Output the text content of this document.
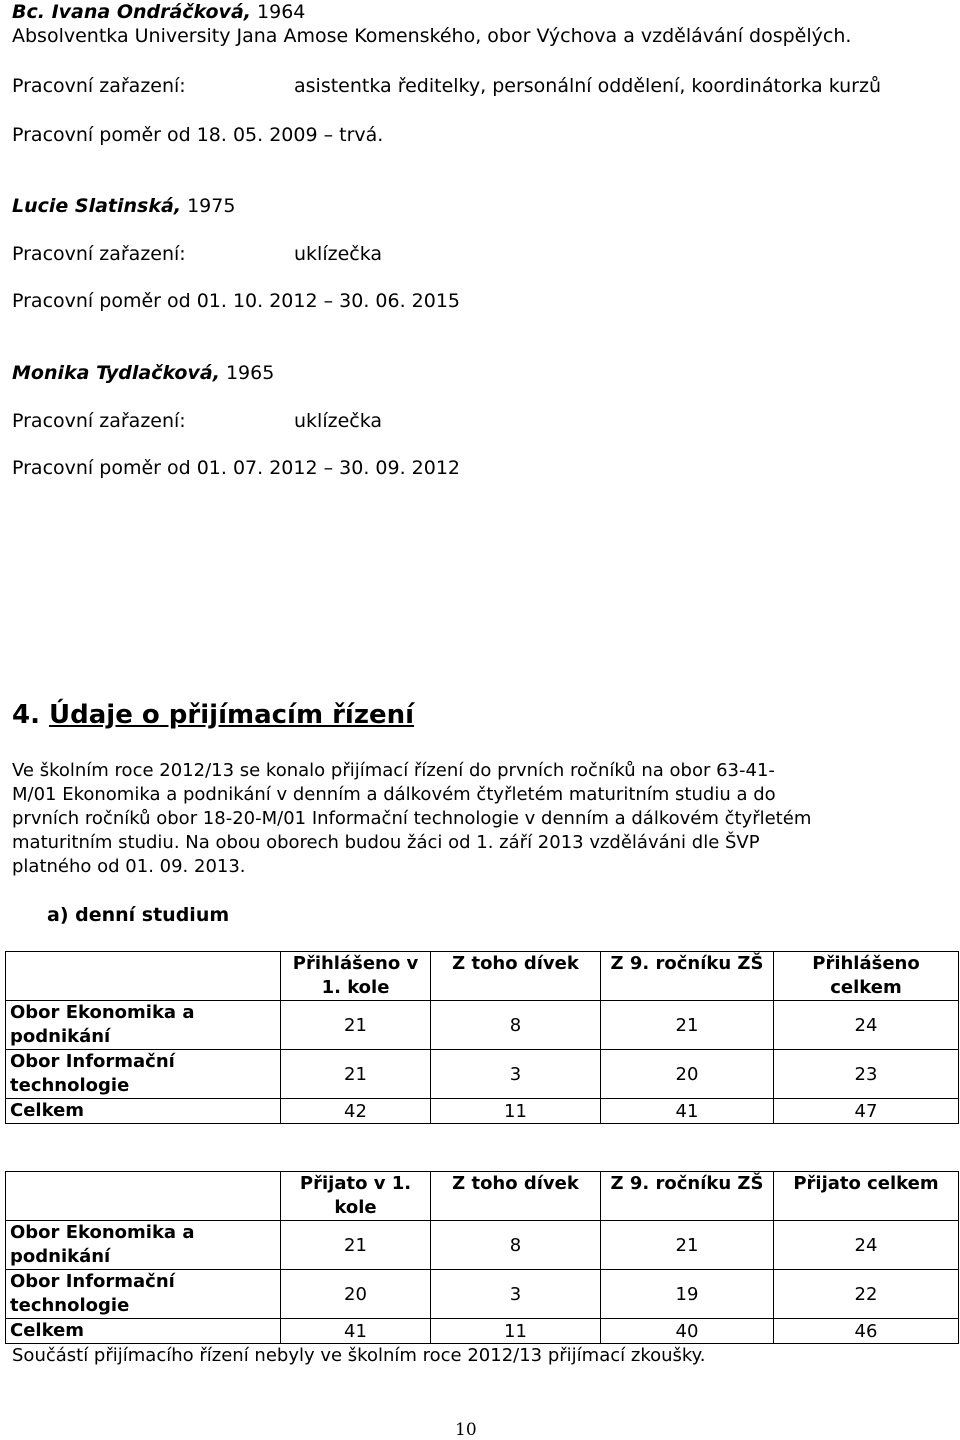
Bc. Ivana Ondráčková, 1964
Absolventka University Jana Amose Komenského, obor Výchova a vzdělávání dospělých.
Pracovní zařazení:	asistentka ředitelky, personální oddělení, koordinátorka kurzů
Pracovní poměr od 18. 05. 2009 – trvá.
Lucie Slatinská, 1975
Pracovní zařazení:	uklízečka
Pracovní poměr od 01. 10. 2012 – 30. 06. 2015
Monika Tydlačková, 1965
Pracovní zařazení:	uklízečka
Pracovní poměr od 01. 07. 2012 – 30. 09. 2012
4. Údaje o přijímacím řízení
Ve školním roce 2012/13 se konalo přijímací řízení do prvních ročníků na obor 63-41-
M/01 Ekonomika a podnikání v denním a dálkovém čtyřletém maturitním studiu a do
prvních ročníků obor 18-20-M/01 Informační technologie v denním a dálkovém čtyřletém
maturitním studiu. Na obou oborech budou žáci od 1. září 2013 vzděláváni dle ŠVP
platného od 01. 09. 2013.
a) denní studium
	Přihlášeno v 1. kole	Z toho dívek	Z 9. ročníku ZŠ	Přihlášeno celkem
Obor Ekonomika a podnikání	21	8	21	24
Obor Informační technologie	21	3	20	23
Celkem	42	11	41	47
	Přijato v 1. kole	Z toho dívek	Z 9. ročníku ZŠ	Přijato celkem
Obor Ekonomika a podnikání	21	8	21	24
Obor Informační technologie	20	3	19	22
Celkem	41	11	40	46
Součástí přijímacího řízení nebyly ve školním roce 2012/13 přijímací zkoušky.
10
